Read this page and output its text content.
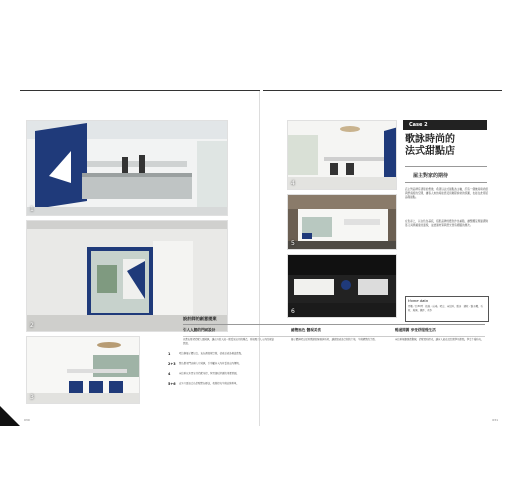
1
2
3
1	吧台與展示櫃以白、灰色調表現空間，使產品成為視覺焦點。
2+3 藍色框架門扇與大片玻璃，引導顧客入內並看見店內環境。
4	座位區以木質家具搭配吊燈，營造溫暖舒適的用餐氛圍。
5+6 店外立面以白色搭配藍色標誌，夜間燈光呈現品牌形象。
030
4
Case 2
歌詠時尚的
法式甜點店
屋主對家的期待
5
6
店主對品牌有清楚的想像，希望以法式甜點為主軸，打造一個兼具時尚感與舒適度的空間，讓客人來訪時能感受到輕鬆愉快的氛圍，也能在此停留品嚐甜點。
在色彩上，以白色為基底，搭配品牌的藍色作為重點，讓整體呈現簡潔俐落又具辨識度的面貌，並透過材質與燈光營造細膩的層次。
Home data
坪數／約30坪　格局／前場、吧台、座位區、廚房　建材／磐多魔、石材、玻璃、鐵件、木作
設計師的創意提案
引人入勝的門面設計
以藍色框架搭配大面玻璃，讓店外的人能一眼看見店內的陳設，形成吸引人入內的視覺焦點。
總覽風色 體現美食
展示櫃與吧台採用簡潔的線條與石材，讓甜點成為空間的主角，呈現精緻的美感。
暢通開闊 享受舒服慢生活
座位區規劃寬敞動線，搭配柔和燈光，讓客人能在此悠閒享用甜點，享受午後時光。
031
